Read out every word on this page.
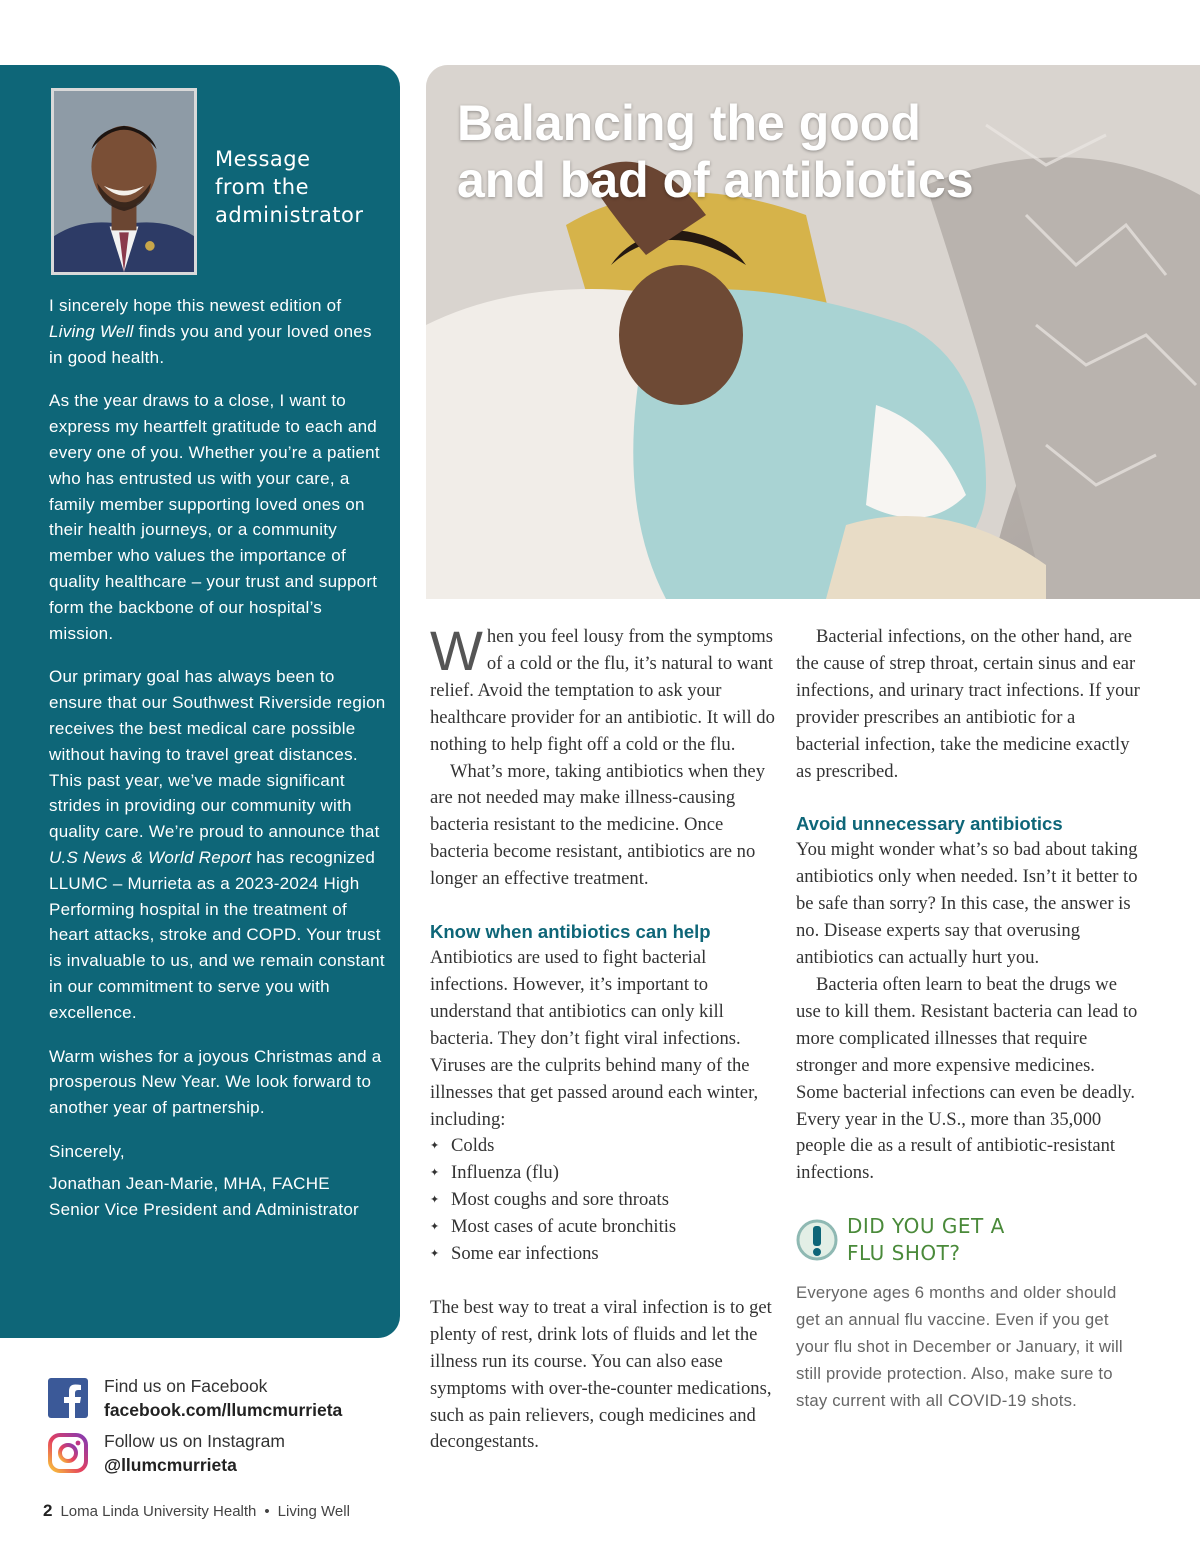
Message
from the
administrator

I sincerely hope this newest edition of Living Well finds you and your loved ones in good health.

As the year draws to a close, I want to express my heartfelt gratitude to each and every one of you. Whether you’re a patient who has entrusted us with your care, a family member supporting loved ones on their health journeys, or a community member who values the importance of quality healthcare – your trust and support form the backbone of our hospital’s mission.

Our primary goal has always been to ensure that our Southwest Riverside region receives the best medical care possible without having to travel great distances. This past year, we’ve made significant strides in providing our community with quality care. We’re proud to announce that U.S News & World Report has recognized LLUMC – Murrieta as a 2023-2024 High Performing hospital in the treatment of heart attacks, stroke and COPD. Your trust is invaluable to us, and we remain constant in our commitment to serve you with excellence.

Warm wishes for a joyous Christmas and a prosperous New Year. We look forward to another year of partnership.

Sincerely,

Jonathan Jean-Marie, MHA, FACHE
Senior Vice President and Administrator

Find us on Facebook
facebook.com/llumcmurrieta
Follow us on Instagram
@llumcmurrieta
2 Loma Linda University Health • Living Well
Balancing the good
and bad of antibiotics

When you feel lousy from the symptoms of a cold or the flu, it’s natural to want relief. Avoid the temptation to ask your healthcare provider for an antibiotic. It will do nothing to help fight off a cold or the flu.

What’s more, taking antibiotics when they are not needed may make illness-causing bacteria resistant to the medicine. Once bacteria become resistant, antibiotics are no longer an effective treatment.

Know when antibiotics can help

Antibiotics are used to fight bacterial infections. However, it’s important to understand that antibiotics can only kill bacteria. They don’t fight viral infections. Viruses are the culprits behind many of the illnesses that get passed around each winter, including:

✦ Colds
✦ Influenza (flu)
✦ Most coughs and sore throats
✦ Most cases of acute bronchitis
✦ Some ear infections

The best way to treat a viral infection is to get plenty of rest, drink lots of fluids and let the illness run its course. You can also ease symptoms with over-the-counter medications, such as pain relievers, cough medicines and decongestants.

Bacterial infections, on the other hand, are the cause of strep throat, certain sinus and ear infections, and urinary tract infections. If your provider prescribes an antibiotic for a bacterial infection, take the medicine exactly as prescribed.

Avoid unnecessary antibiotics

You might wonder what’s so bad about taking antibiotics only when needed. Isn’t it better to be safe than sorry? In this case, the answer is no. Disease experts say that overusing antibiotics can actually hurt you.

Bacteria often learn to beat the drugs we use to kill them. Resistant bacteria can lead to more complicated illnesses that require stronger and more expensive medicines. Some bacterial infections can even be deadly. Every year in the U.S., more than 35,000 people die as a result of antibiotic-resistant infections.

DID YOU GET A
FLU SHOT?

Everyone ages 6 months and older should get an annual flu vaccine. Even if you get your flu shot in December or January, it will still provide protection. Also, make sure to stay current with all COVID-19 shots.
